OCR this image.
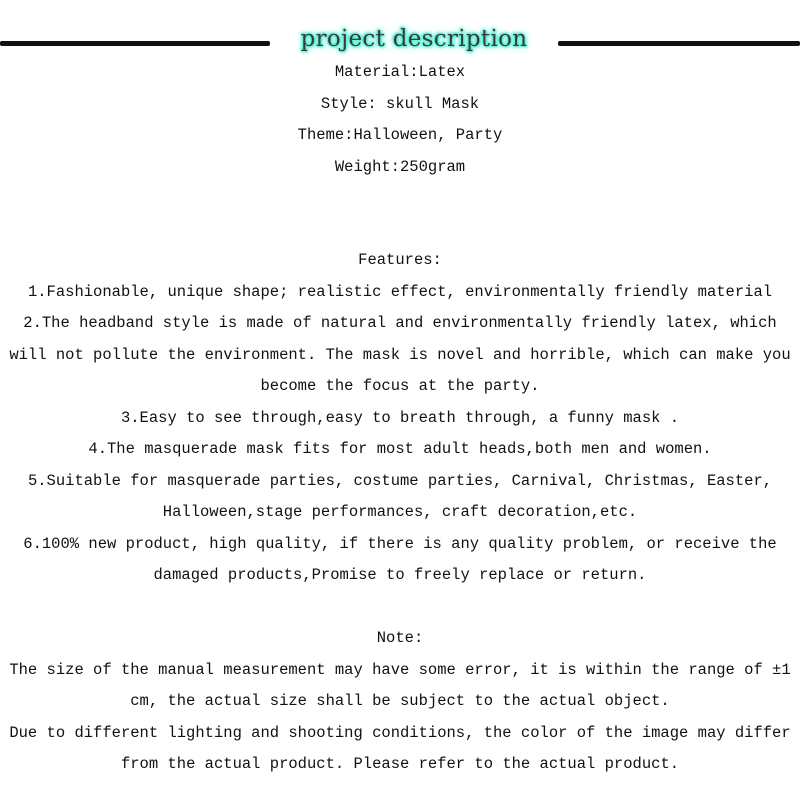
project description
Material:Latex
Style: skull Mask
Theme:Halloween, Party
Weight:250gram
Features:
1.Fashionable, unique shape; realistic effect, environmentally friendly material
2.The headband style is made of natural and environmentally friendly latex, which
will not pollute the environment. The mask is novel and horrible, which can make you
become the focus at the party.
3.Easy to see through,easy to breath through, a funny mask .
4.The masquerade mask fits for most adult heads,both men and women.
5.Suitable for masquerade parties, costume parties, Carnival, Christmas, Easter,
Halloween,stage performances, craft decoration,etc.
6.100% new product, high quality, if there is any quality problem, or receive the
damaged products,Promise to freely replace or return.
Note:
The size of the manual measurement may have some error, it is within the range of ±1
cm, the actual size shall be subject to the actual object.
Due to different lighting and shooting conditions, the color of the image may differ
from the actual product. Please refer to the actual product.
